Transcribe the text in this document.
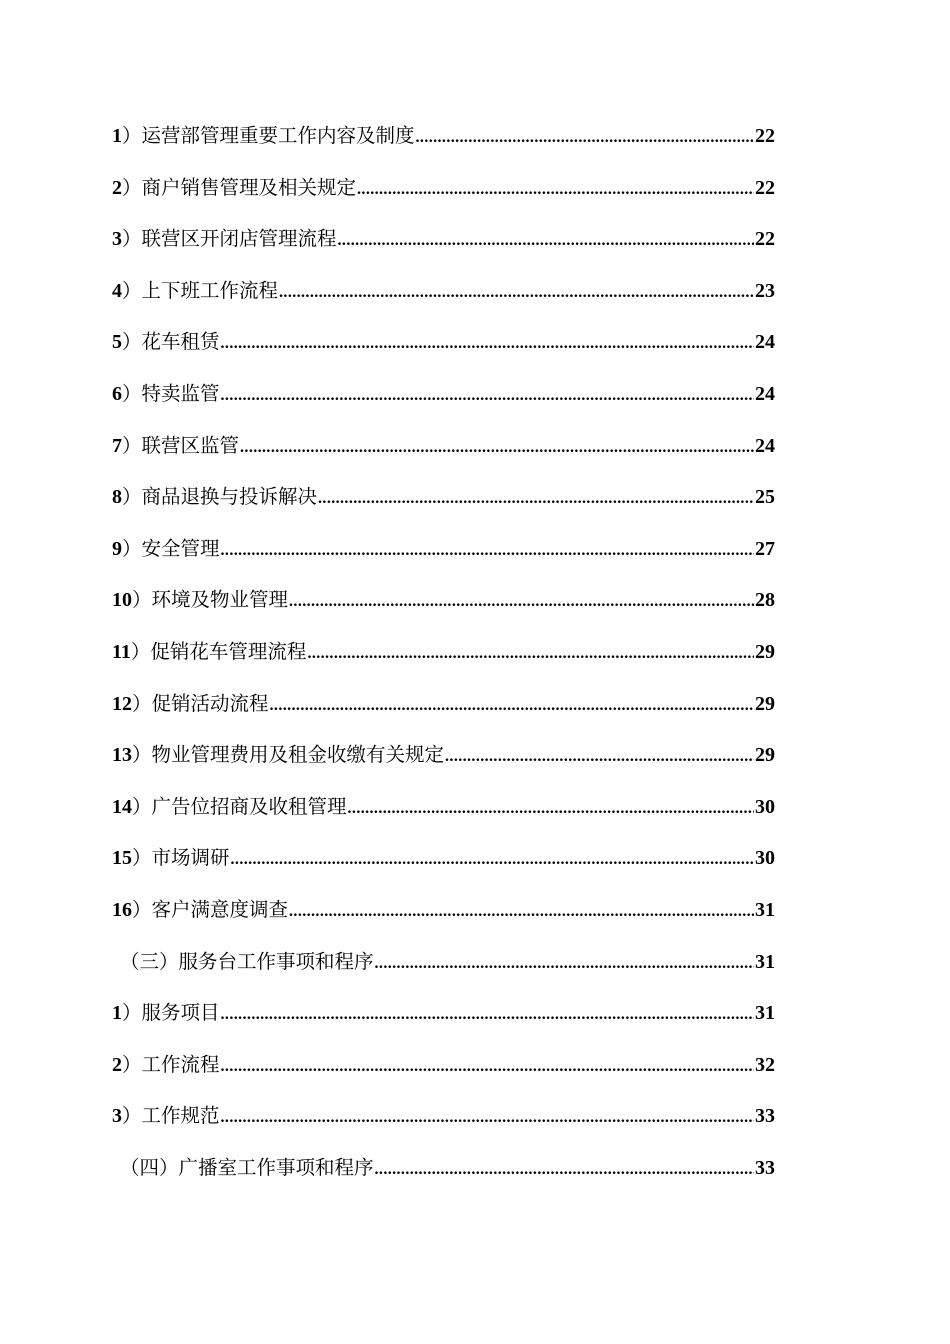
1 ） 运营部管理重要工作内容及制度 .....	22
2 ） 商户销售管理及相关规定 .....	22
3 ） 联营区开闭店管理流程 .....	22
4 ） 上下班工作流程 .....	23
5 ） 花车租赁 .....	24
6 ） 特卖监管 .....	24
7 ） 联营区监管 .....	24
8 ） 商品退换与投诉解决 .....	25
9 ） 安全管理 .....	27
10 ） 环境及物业管理 .....	28
11 ） 促销花车管理流程 .....	29
12 ） 促销活动流程 .....	29
13 ） 物业管理费用及租金收缴有关规定 .....	29
14 ） 广告位招商及收租管理 .....	30
15 ） 市场调研 .....	30
16 ） 客户满意度调查 .....	31
（三）服务台工作事项和程序 .....	31
1 ） 服务项目 .....	31
2 ） 工作流程 .....	32
3 ） 工作规范 .....	33
（四）广播室工作事项和程序 .....	33
